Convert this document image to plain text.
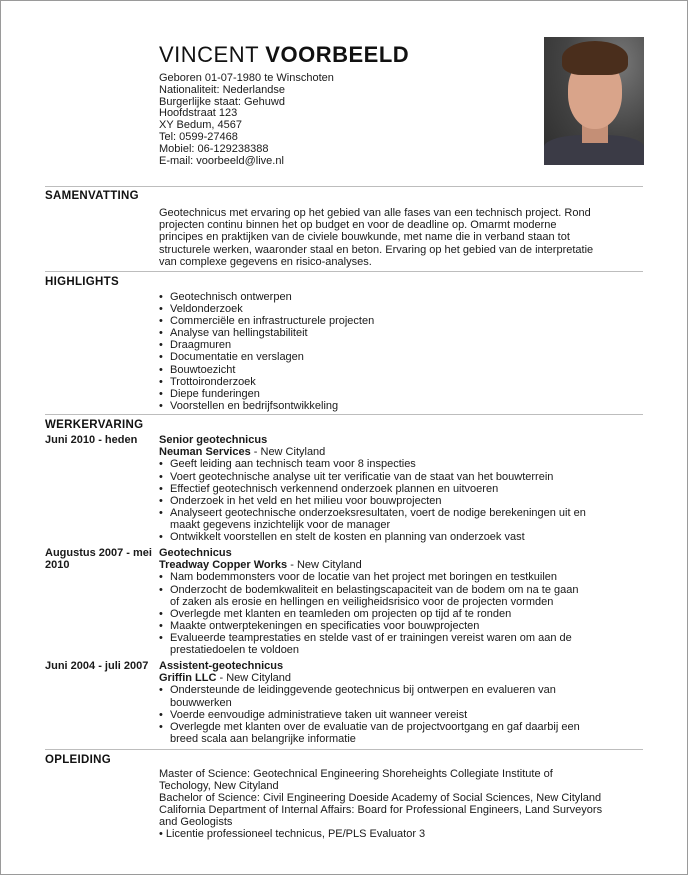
VINCENT VOORBEELD
Geboren 01-07-1980 te Winschoten
Nationaliteit: Nederlandse
Burgerlijke staat: Gehuwd
Hoofdstraat 123
XY Bedum, 4567
Tel: 0599-27468
Mobiel: 06-129238388
E-mail: voorbeeld@live.nl
SAMENVATTING
Geotechnicus met ervaring op het gebied van alle fases van een technisch project. Rond
projecten continu binnen het op budget en voor de deadline op. Omarmt moderne
principes en praktijken van de civiele bouwkunde, met name die in verband staan tot
structurele werken, waaronder staal en beton. Ervaring op het gebied van de interpretatie
van complexe gegevens en risico-analyses.
HIGHLIGHTS
• Geotechnisch ontwerpen
• Veldonderzoek
• Commerciële en infrastructurele projecten
• Analyse van hellingstabiliteit
• Draagmuren
• Documentatie en verslagen
• Bouwtoezicht
• Trottoironderzoek
• Diepe funderingen
• Voorstellen en bedrijfsontwikkeling
WERKERVARING
Juni 2010 - heden	Senior geotechnicus
Neuman Services - New Cityland
• Geeft leiding aan technisch team voor 8 inspecties
• Voert geotechnische analyse uit ter verificatie van de staat van het bouwterrein
• Effectief geotechnisch verkennend onderzoek plannen en uitvoeren
• Onderzoek in het veld en het milieu voor bouwprojecten
• Analyseert geotechnische onderzoeksresultaten, voert de nodige berekeningen uit en
maakt gegevens inzichtelijk voor de manager
• Ontwikkelt voorstellen en stelt de kosten en planning van onderzoek vast
Augustus 2007 - mei
2010
Geotechnicus
Treadway Copper Works - New Cityland
• Nam bodemmonsters voor de locatie van het project met boringen en testkuilen
• Onderzocht de bodemkwaliteit en belastingscapaciteit van de bodem om na te gaan
of zaken als erosie en hellingen en veiligheidsrisico voor de projecten vormden
• Overlegde met klanten en teamleden om projecten op tijd af te ronden
• Maakte ontwerptekeningen en specificaties voor bouwprojecten
• Evalueerde teamprestaties en stelde vast of er trainingen vereist waren om aan de
prestatiedoelen te voldoen
Juni 2004 - juli 2007 Assistent-geotechnicus
Griffin LLC - New Cityland
• Ondersteunde de leidinggevende geotechnicus bij ontwerpen en evalueren van
bouwwerken
• Voerde eenvoudige administratieve taken uit wanneer vereist
• Overlegde met klanten over de evaluatie van de projectvoortgang en gaf daarbij een
breed scala aan belangrijke informatie
OPLEIDING
Master of Science: Geotechnical Engineering Shoreheights Collegiate Institute of
Techology, New Cityland
Bachelor of Science: Civil Engineering Doeside Academy of Social Sciences, New Cityland
California Department of Internal Affairs: Board for Professional Engineers, Land Surveyors
and Geologists
• Licentie professioneel technicus, PE/PLS Evaluator 3
